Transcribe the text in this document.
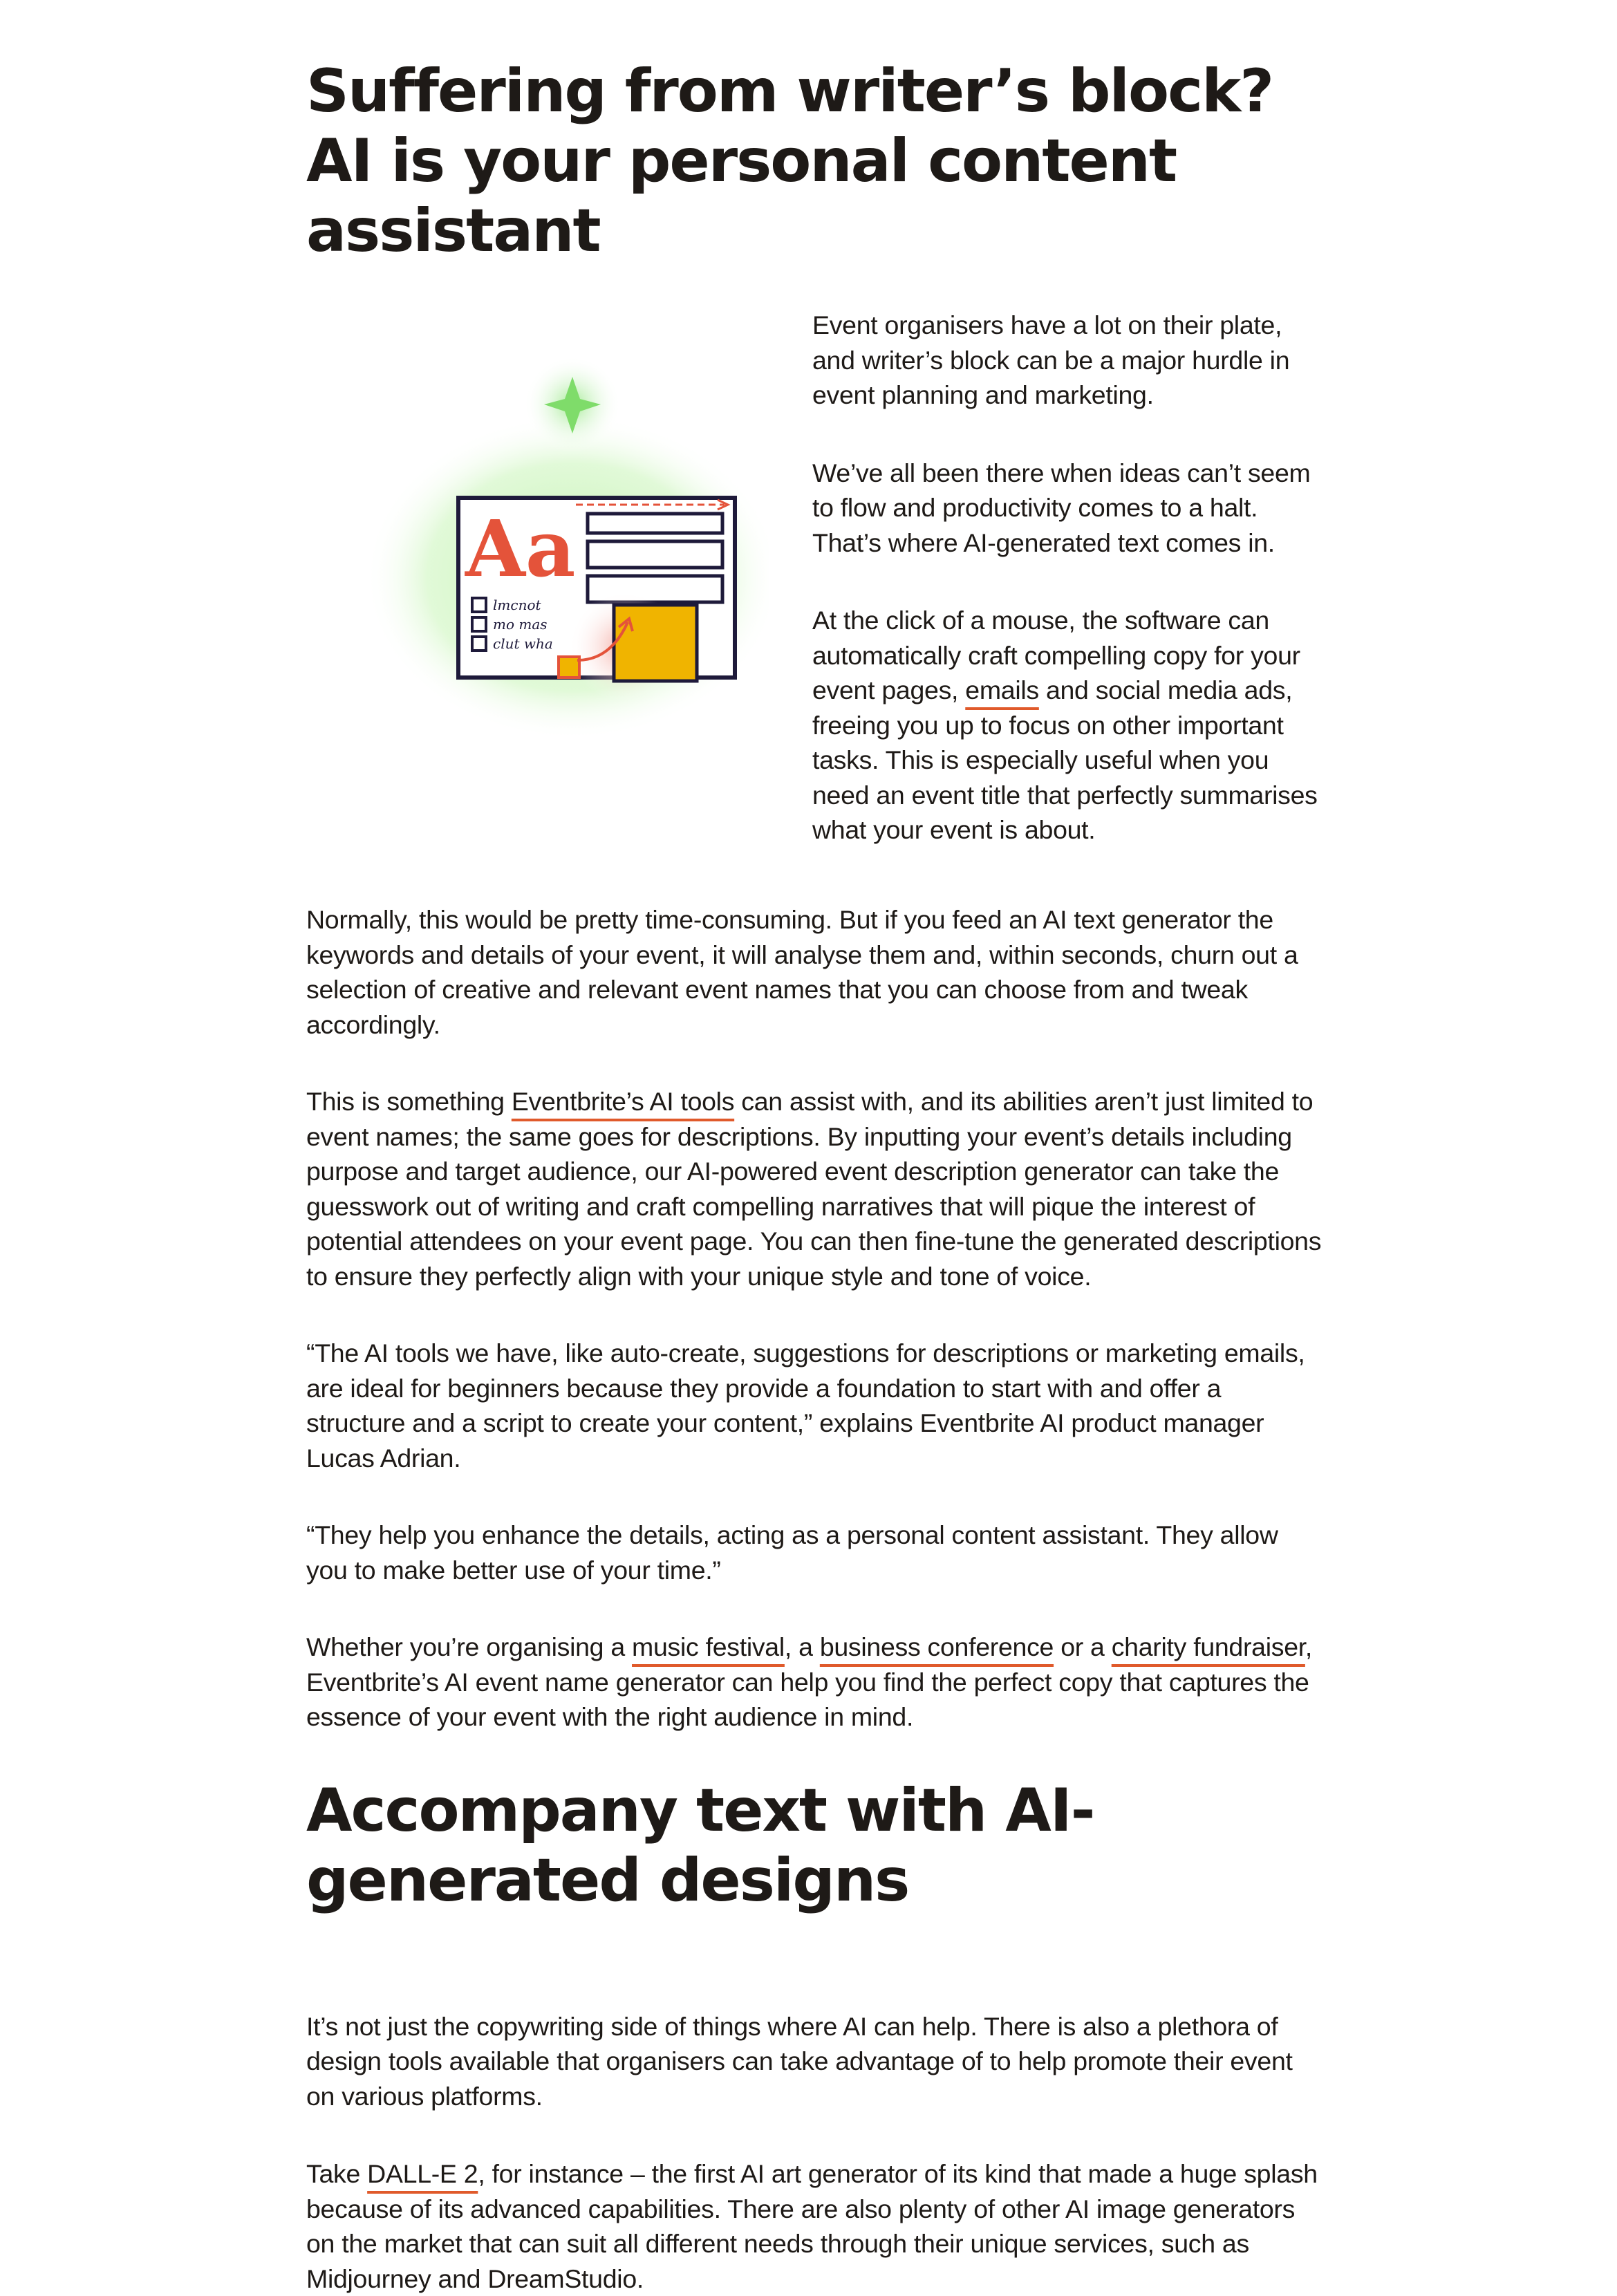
Suffering from writer’s block? AI is your personal content assistant
Aa
lmcnot
mo mas
clut wha

Event organisers have a lot on their plate, and writer’s block can be a major hurdle in event planning and marketing.

We’ve all been there when ideas can’t seem to flow and productivity comes to a halt. That’s where AI-generated text comes in.

At the click of a mouse, the software can automatically craft compelling copy for your event pages, emails and social media ads, freeing you up to focus on other important tasks. This is especially useful when you need an event title that perfectly summarises what your event is about.

Normally, this would be pretty time-consuming. But if you feed an AI text generator the keywords and details of your event, it will analyse them and, within seconds, churn out a selection of creative and relevant event names that you can choose from and tweak accordingly.

This is something Eventbrite’s AI tools can assist with, and its abilities aren’t just limited to event names; the same goes for descriptions. By inputting your event’s details including purpose and target audience, our AI-powered event description generator can take the guesswork out of writing and craft compelling narratives that will pique the interest of potential attendees on your event page. You can then fine-tune the generated descriptions to ensure they perfectly align with your unique style and tone of voice.

“The AI tools we have, like auto-create, suggestions for descriptions or marketing emails, are ideal for beginners because they provide a foundation to start with and offer a structure and a script to create your content,” explains Eventbrite AI product manager Lucas Adrian.

“They help you enhance the details, acting as a personal content assistant. They allow you to make better use of your time.”

Whether you’re organising a music festival, a business conference or a charity fundraiser, Eventbrite’s AI event name generator can help you find the perfect copy that captures the essence of your event with the right audience in mind.

Accompany text with AI-generated designs

It’s not just the copywriting side of things where AI can help. There is also a plethora of design tools available that organisers can take advantage of to help promote their event on various platforms.

Take DALL-E 2, for instance – the first AI art generator of its kind that made a huge splash because of its advanced capabilities. There are also plenty of other AI image generators on the market that can suit all different needs through their unique services, such as Midjourney and DreamStudio.
